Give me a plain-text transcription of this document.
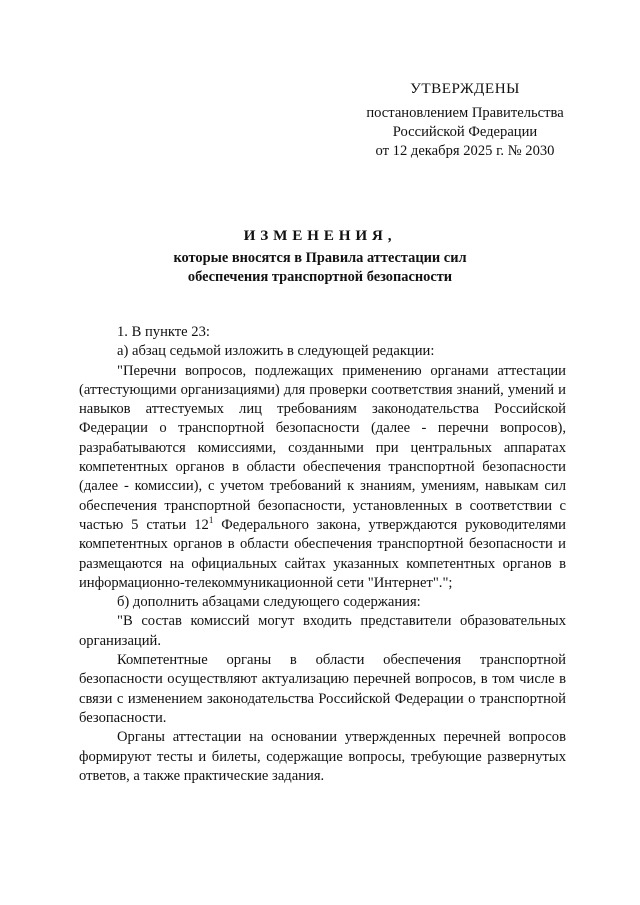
УТВЕРЖДЕНЫ
постановлением Правительства
Российской Федерации
от 12 декабря 2025 г. № 2030
ИЗМЕНЕНИЯ,
которые вносятся в Правила аттестации сил
обеспечения транспортной безопасности

1. В пункте 23:

а) абзац седьмой изложить в следующей редакции:

"Перечни вопросов, подлежащих применению органами аттестации (аттестующими организациями) для проверки соответствия знаний, умений и навыков аттестуемых лиц требованиям законодательства Российской Федерации о транспортной безопасности (далее - перечни вопросов), разрабатываются комиссиями, созданными при центральных аппаратах компетентных органов в области обеспечения транспортной безопасности (далее - комиссии), с учетом требований к знаниям, умениям, навыкам сил обеспечения транспортной безопасности, установленных в соответствии с частью 5 статьи $12^1$ Федерального закона, утверждаются руководителями компетентных органов в области обеспечения транспортной безопасности и размещаются на официальных сайтах указанных компетентных органов в информационно-телекоммуникационной сети "Интернет".";

б) дополнить абзацами следующего содержания:

"В состав комиссий могут входить представители образовательных организаций.

Компетентные органы в области обеспечения транспортной безопасности осуществляют актуализацию перечней вопросов, в том числе в связи с изменением законодательства Российской Федерации о транспортной безопасности.

Органы аттестации на основании утвержденных перечней вопросов формируют тесты и билеты, содержащие вопросы, требующие развернутых ответов, а также практические задания.
